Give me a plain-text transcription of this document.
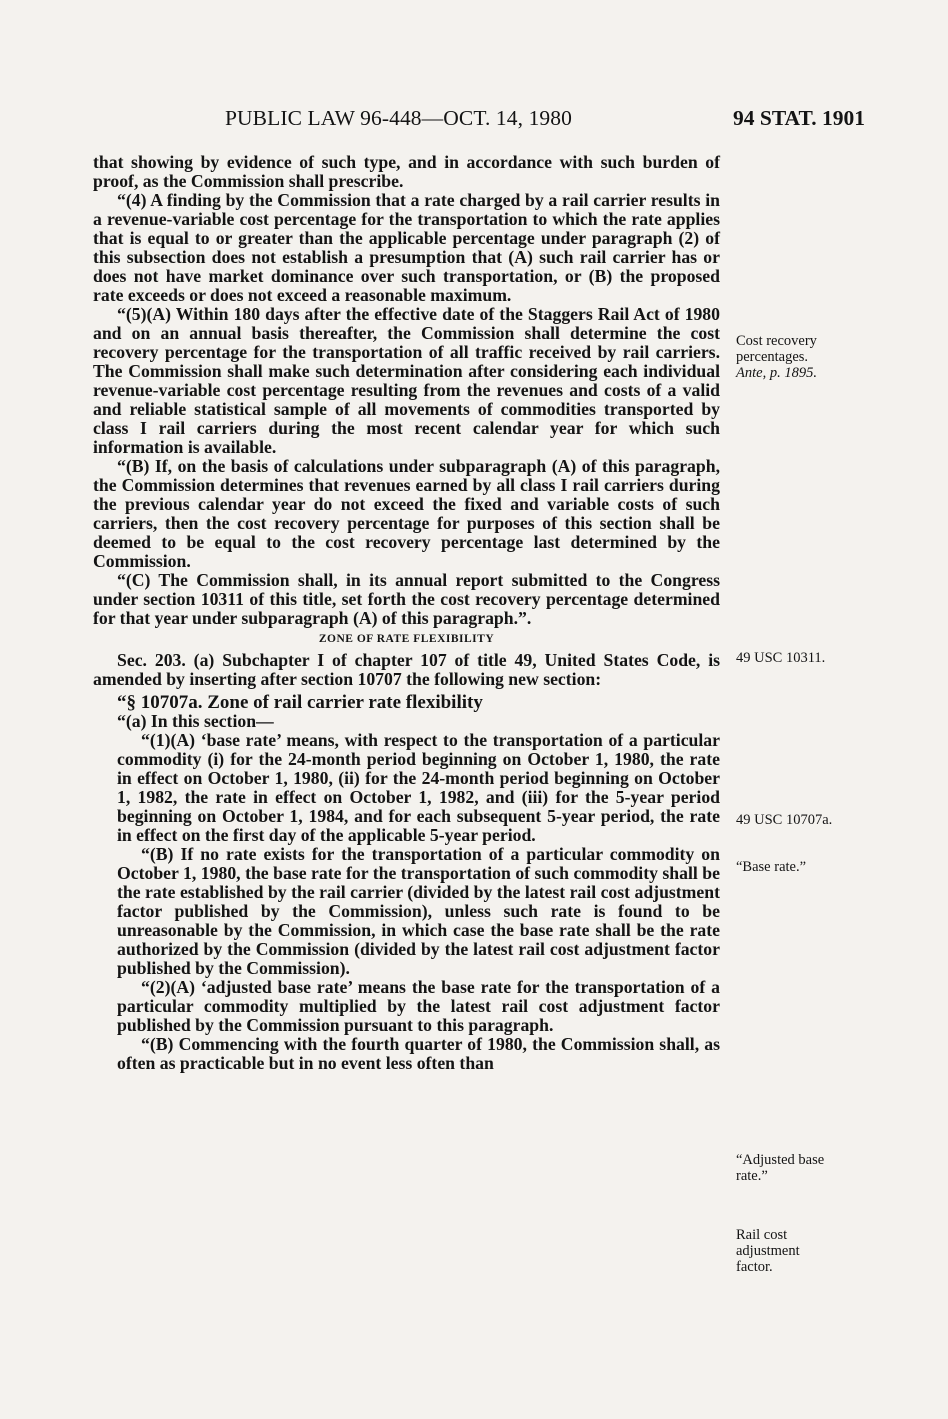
PUBLIC LAW 96-448—OCT. 14, 1980	94 STAT. 1901

that showing by evidence of such type, and in accordance with such burden of proof, as the Commission shall prescribe.

“(4) A finding by the Commission that a rate charged by a rail carrier results in a revenue-variable cost percentage for the transportation to which the rate applies that is equal to or greater than the applicable percentage under paragraph (2) of this subsection does not establish a presumption that (A) such rail carrier has or does not have market dominance over such transportation, or (B) the proposed rate exceeds or does not exceed a reasonable maximum.

“(5)(A) Within 180 days after the effective date of the Staggers Rail Act of 1980 and on an annual basis thereafter, the Commission shall determine the cost recovery percentage for the transportation of all traffic received by rail carriers. The Commission shall make such determination after considering each individual revenue-variable cost percentage resulting from the revenues and costs of a valid and reliable statistical sample of all movements of commodities transported by class I rail carriers during the most recent calendar year for which such information is available.

“(B) If, on the basis of calculations under subparagraph (A) of this paragraph, the Commission determines that revenues earned by all class I rail carriers during the previous calendar year do not exceed the fixed and variable costs of such carriers, then the cost recovery percentage for purposes of this section shall be deemed to be equal to the cost recovery percentage last determined by the Commission.

“(C) The Commission shall, in its annual report submitted to the Congress under section 10311 of this title, set forth the cost recovery percentage determined for that year under subparagraph (A) of this paragraph.”.

ZONE OF RATE FLEXIBILITY

Sec. 203. (a) Subchapter I of chapter 107 of title 49, United States Code, is amended by inserting after section 10707 the following new section:

“§ 10707a. Zone of rail carrier rate flexibility

“(a) In this section—

“(1)(A) ‘base rate’ means, with respect to the transportation of a particular commodity (i) for the 24-month period beginning on October 1, 1980, the rate in effect on October 1, 1980, (ii) for the 24-month period beginning on October 1, 1982, the rate in effect on October 1, 1982, and (iii) for the 5-year period beginning on October 1, 1984, and for each subsequent 5-year period, the rate in effect on the first day of the applicable 5-year period.

“(B) If no rate exists for the transportation of a particular commodity on October 1, 1980, the base rate for the transportation of such commodity shall be the rate established by the rail carrier (divided by the latest rail cost adjustment factor published by the Commission), unless such rate is found to be unreasonable by the Commission, in which case the base rate shall be the rate authorized by the Commission (divided by the latest rail cost adjustment factor published by the Commission).

“(2)(A) ‘adjusted base rate’ means the base rate for the transportation of a particular commodity multiplied by the latest rail cost adjustment factor published by the Commission pursuant to this paragraph.

“(B) Commencing with the fourth quarter of 1980, the Commission shall, as often as practicable but in no event less often than

Cost recovery
percentages.
Ante, p. 1895.
49 USC 10311.
49 USC 10707a.
“Base rate.”
“Adjusted base
rate.”
Rail cost
adjustment
factor.
